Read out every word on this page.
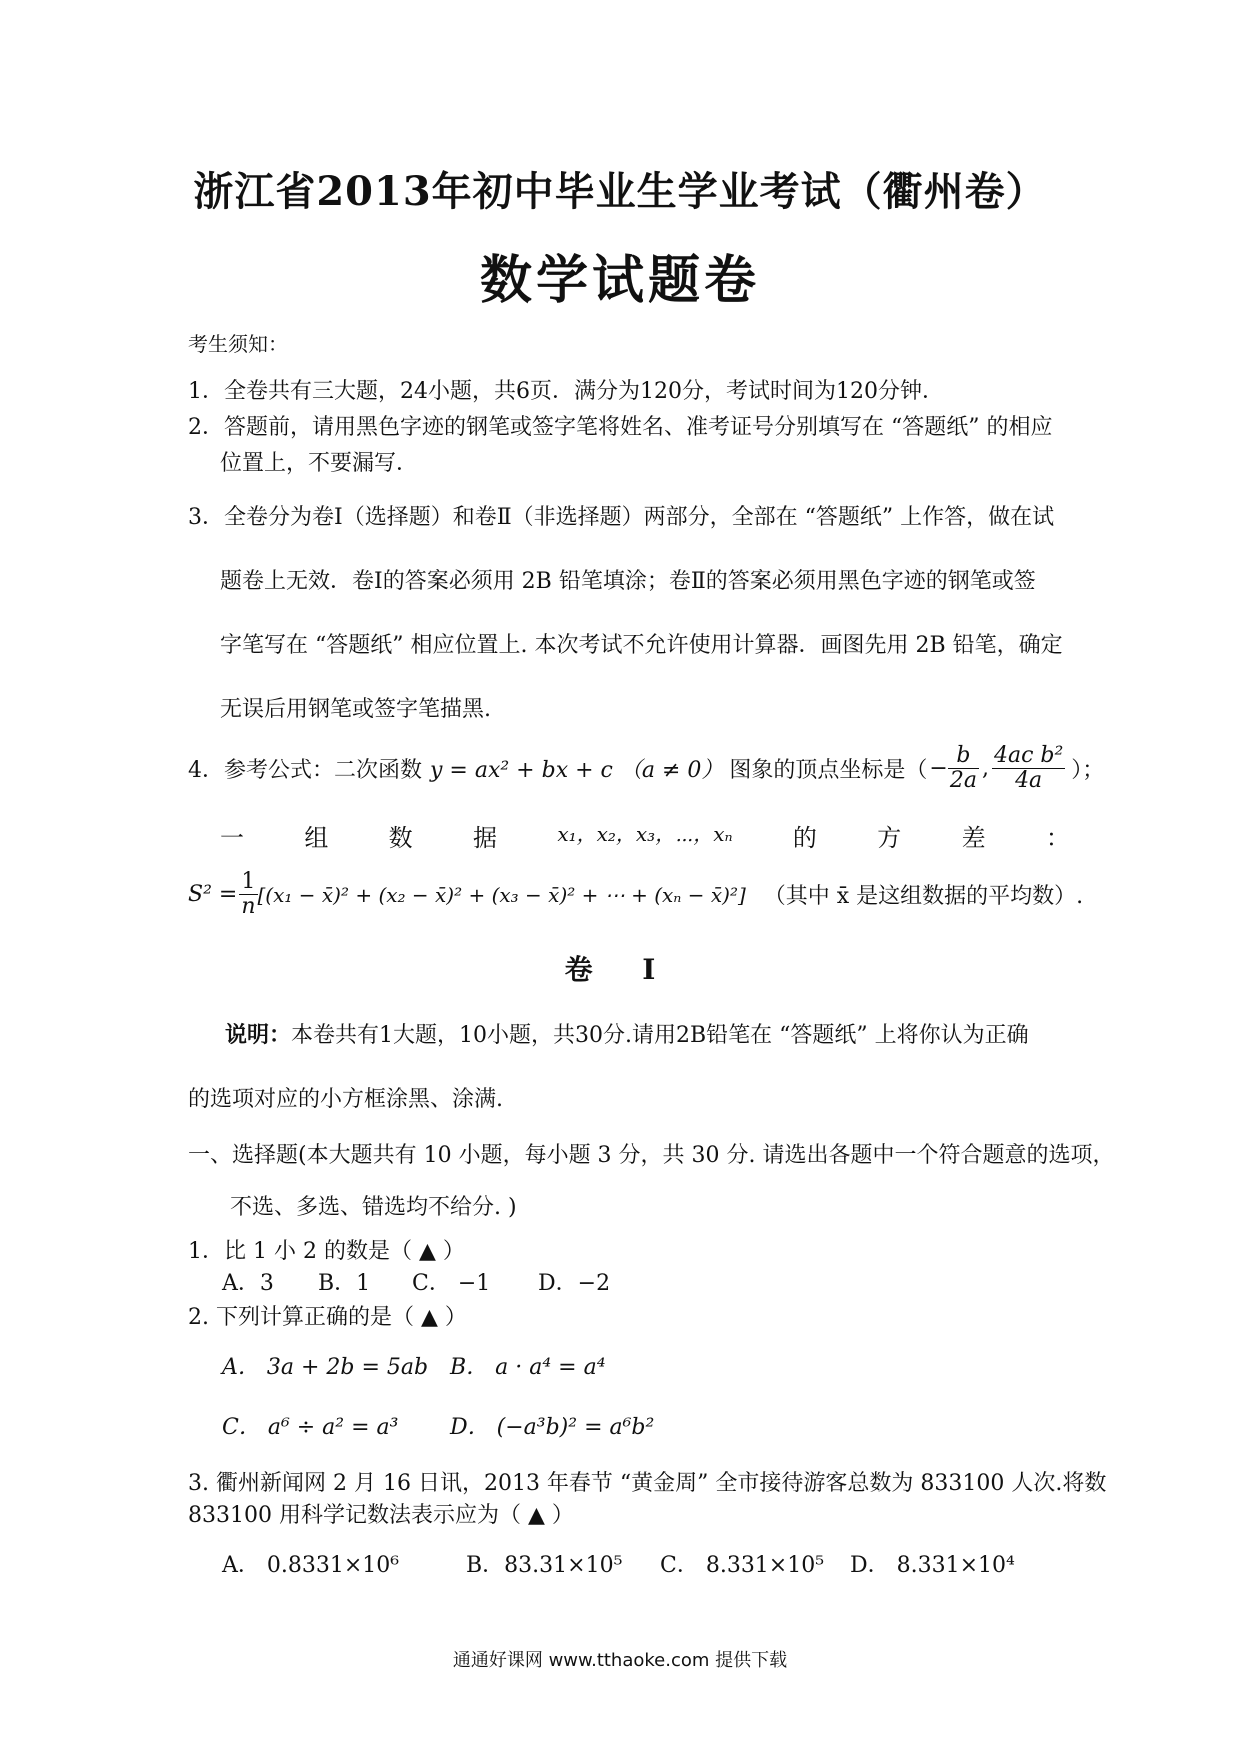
浙江省2013年初中毕业生学业考试（衢州卷）
数学试题卷
考生须知：
1．全卷共有三大题，24小题，共6页．满分为120分，考试时间为120分钟．
2．答题前，请用黑色字迹的钢笔或签字笔将姓名、准考证号分别填写在 “答题纸” 的相应
位置上，不要漏写．
3．全卷分为卷Ⅰ（选择题）和卷Ⅱ（非选择题）两部分，全部在 “答题纸” 上作答，做在试
题卷上无效．卷Ⅰ的答案必须用 2B 铅笔填涂；卷Ⅱ的答案必须用黑色字迹的钢笔或签
字笔写在 “答题纸” 相应位置上. 本次考试不允许使用计算器．画图先用 2B 铅笔，确定
无误后用钢笔或签字笔描黑.
4．参考公式：二次函数 y = ax² + bx + c （a ≠ 0） 图象的顶点坐标是（ − $\frac{b}{2a}$ , $\frac{\text{4ac b²}}{4a}$ ）；
一	组	数	据	x₁，x₂，x₃，⋯，xₙ	的	方	差	：
$S^2 = \frac{1}{n} [(x_1$ − x̄)² + (x₂ − x̄)² + (x₃ − x̄)² + ⋯ + (xₙ − x̄)²] （其中 x̄ 是这组数据的平均数）.
卷 Ⅰ
说明：本卷共有1大题，10小题，共30分.请用2B铅笔在 “答题纸” 上将你认为正确
的选项对应的小方框涂黑、涂满.
一、选择题(本大题共有 10 小题，每小题 3 分，共 30 分. 请选出各题中一个符合题意的选项，
不选、多选、错选均不给分. )
1．比 1 小 2 的数是（ ▲ ）
A．3 B．1 C． −1 D．−2
2. 下列计算正确的是（ ▲ ）
A． 3a + 2b = 5ab B． a · a⁴ = a⁴
C． a⁶ ÷ a² = a³ D． (−a³b)² = a⁶b²
3. 衢州新闻网 2 月 16 日讯，2013 年春节 “黄金周” 全市接待游客总数为 833100 人次.将数
833100 用科学记数法表示应为（ ▲ ）
A． 0.8331×10⁶	B．83.31×10⁵ C． 8.331×10⁵ D． 8.331×10⁴
通通好课网 www.tthaoke.com 提供下载
